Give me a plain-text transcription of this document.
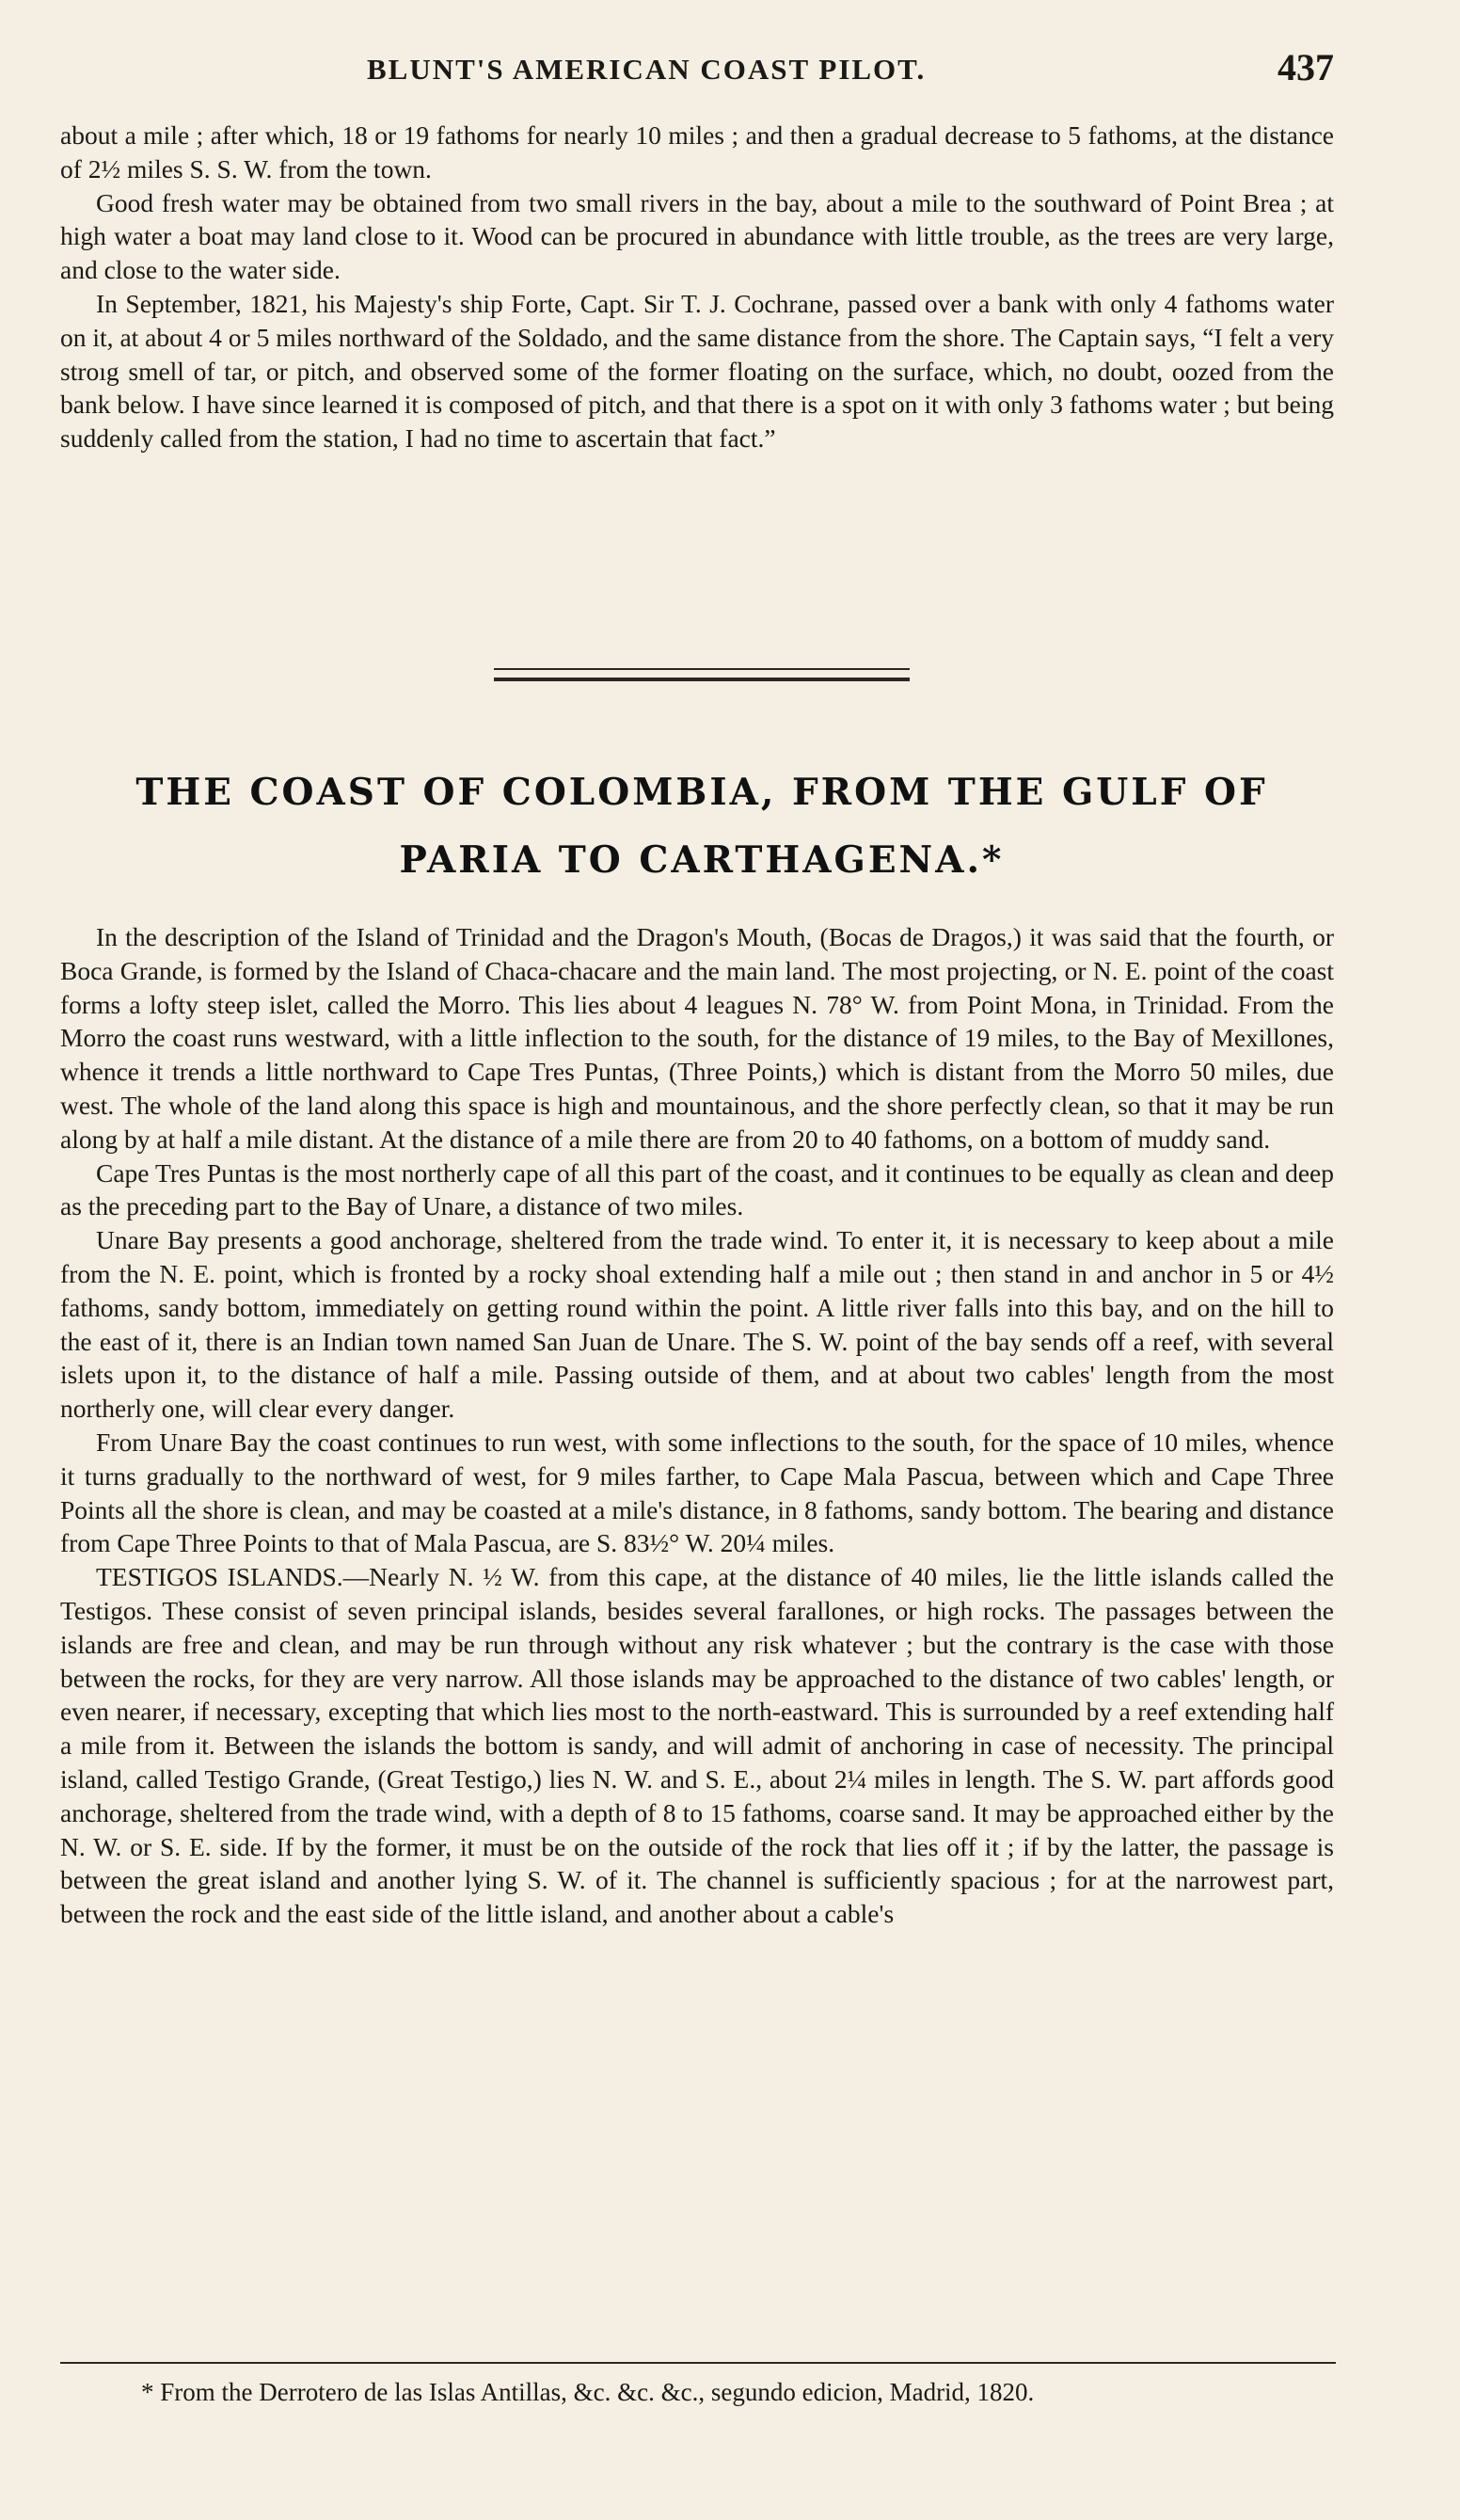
BLUNT'S AMERICAN COAST PILOT.	437

about a mile ; after which, 18 or 19 fathoms for nearly 10 miles ; and then a gradual decrease to 5 fathoms, at the distance of 2½ miles S. S. W. from the town.

Good fresh water may be obtained from two small rivers in the bay, about a mile to the southward of Point Brea ; at high water a boat may land close to it. Wood can be procured in abundance with little trouble, as the trees are very large, and close to the water side.

In September, 1821, his Majesty's ship Forte, Capt. Sir T. J. Cochrane, passed over a bank with only 4 fathoms water on it, at about 4 or 5 miles northward of the Soldado, and the same distance from the shore. The Captain says, “I felt a very stroıg smell of tar, or pitch, and observed some of the former floating on the surface, which, no doubt, oozed from the bank below. I have since learned it is composed of pitch, and that there is a spot on it with only 3 fathoms water ; but being suddenly called from the station, I had no time to ascertain that fact.”

THE COAST OF COLOMBIA, FROM THE GULF OF
PARIA TO CARTHAGENA.*

In the description of the Island of Trinidad and the Dragon's Mouth, (Bocas de Dragos,) it was said that the fourth, or Boca Grande, is formed by the Island of Chaca-chacare and the main land. The most projecting, or N. E. point of the coast forms a lofty steep islet, called the Morro. This lies about 4 leagues N. 78° W. from Point Mona, in Trinidad. From the Morro the coast runs westward, with a little inflection to the south, for the distance of 19 miles, to the Bay of Mexillones, whence it trends a little northward to Cape Tres Puntas, (Three Points,) which is distant from the Morro 50 miles, due west. The whole of the land along this space is high and mountainous, and the shore perfectly clean, so that it may be run along by at half a mile distant. At the distance of a mile there are from 20 to 40 fathoms, on a bottom of muddy sand.

Cape Tres Puntas is the most northerly cape of all this part of the coast, and it continues to be equally as clean and deep as the preceding part to the Bay of Unare, a distance of two miles.

Unare Bay presents a good anchorage, sheltered from the trade wind. To enter it, it is necessary to keep about a mile from the N. E. point, which is fronted by a rocky shoal extending half a mile out ; then stand in and anchor in 5 or 4½ fathoms, sandy bottom, immediately on getting round within the point. A little river falls into this bay, and on the hill to the east of it, there is an Indian town named San Juan de Unare. The S. W. point of the bay sends off a reef, with several islets upon it, to the distance of half a mile. Passing outside of them, and at about two cables' length from the most northerly one, will clear every danger.

From Unare Bay the coast continues to run west, with some inflections to the south, for the space of 10 miles, whence it turns gradually to the northward of west, for 9 miles farther, to Cape Mala Pascua, between which and Cape Three Points all the shore is clean, and may be coasted at a mile's distance, in 8 fathoms, sandy bottom. The bearing and distance from Cape Three Points to that of Mala Pascua, are S. 83½° W. 20¼ miles.

TESTIGOS ISLANDS.—Nearly N. ½ W. from this cape, at the distance of 40 miles, lie the little islands called the Testigos. These consist of seven principal islands, besides several farallones, or high rocks. The passages between the islands are free and clean, and may be run through without any risk whatever ; but the contrary is the case with those between the rocks, for they are very narrow. All those islands may be approached to the distance of two cables' length, or even nearer, if necessary, excepting that which lies most to the north-eastward. This is surrounded by a reef extending half a mile from it. Between the islands the bottom is sandy, and will admit of anchoring in case of necessity. The principal island, called Testigo Grande, (Great Testigo,) lies N. W. and S. E., about 2¼ miles in length. The S. W. part affords good anchorage, sheltered from the trade wind, with a depth of 8 to 15 fathoms, coarse sand. It may be approached either by the N. W. or S. E. side. If by the former, it must be on the outside of the rock that lies off it ; if by the latter, the passage is between the great island and another lying S. W. of it. The channel is sufficiently spacious ; for at the narrowest part, between the rock and the east side of the little island, and another about a cable's

* From the Derrotero de las Islas Antillas, &c. &c. &c., segundo edicion, Madrid, 1820.
